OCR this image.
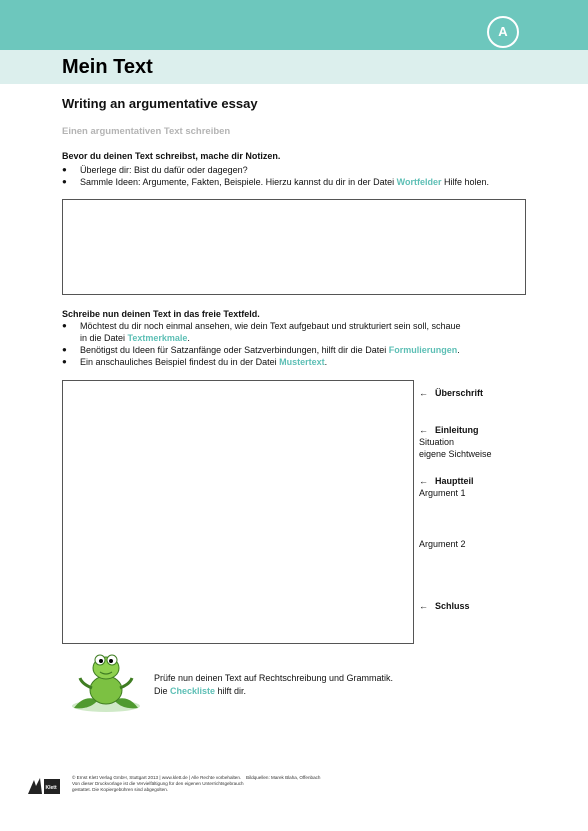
A
Mein Text
Writing an argumentative essay
Einen argumentativen Text schreiben
Bevor du deinen Text schreibst, mache dir Notizen.
● Überlege dir: Bist du dafür oder dagegen?
● Sammle Ideen: Argumente, Fakten, Beispiele. Hierzu kannst du dir in der Datei Wortfelder Hilfe holen.
Schreibe nun deinen Text in das freie Textfeld.
● Möchtest du dir noch einmal ansehen, wie dein Text aufgebaut und strukturiert sein soll, schaue
in die Datei Textmerkmale.
● Benötigst du Ideen für Satzanfänge oder Satzverbindungen, hilft dir die Datei Formulierungen.
● Ein anschauliches Beispiel findest du in der Datei Mustertext.
← Überschrift
← Einleitung
Situation
eigene Sichtweise
← Hauptteil
Argument 1
Argument 2
← Schluss
Prüfe nun deinen Text auf Rechtschreibung und Grammatik.
Die Checkliste hilft dir.
Klett
© Ernst Klett Verlag GmbH, Stuttgart 2013 | www.klett.de | Alle Rechte vorbehalten. Von dieser Druckvorlage ist die Vervielfältigung für den eigenen Unterrichtsgebrauch gestattet. Die Kopiergebühren sind abgegolten.
Bildquellen: Marek Blaha, Offenbach
